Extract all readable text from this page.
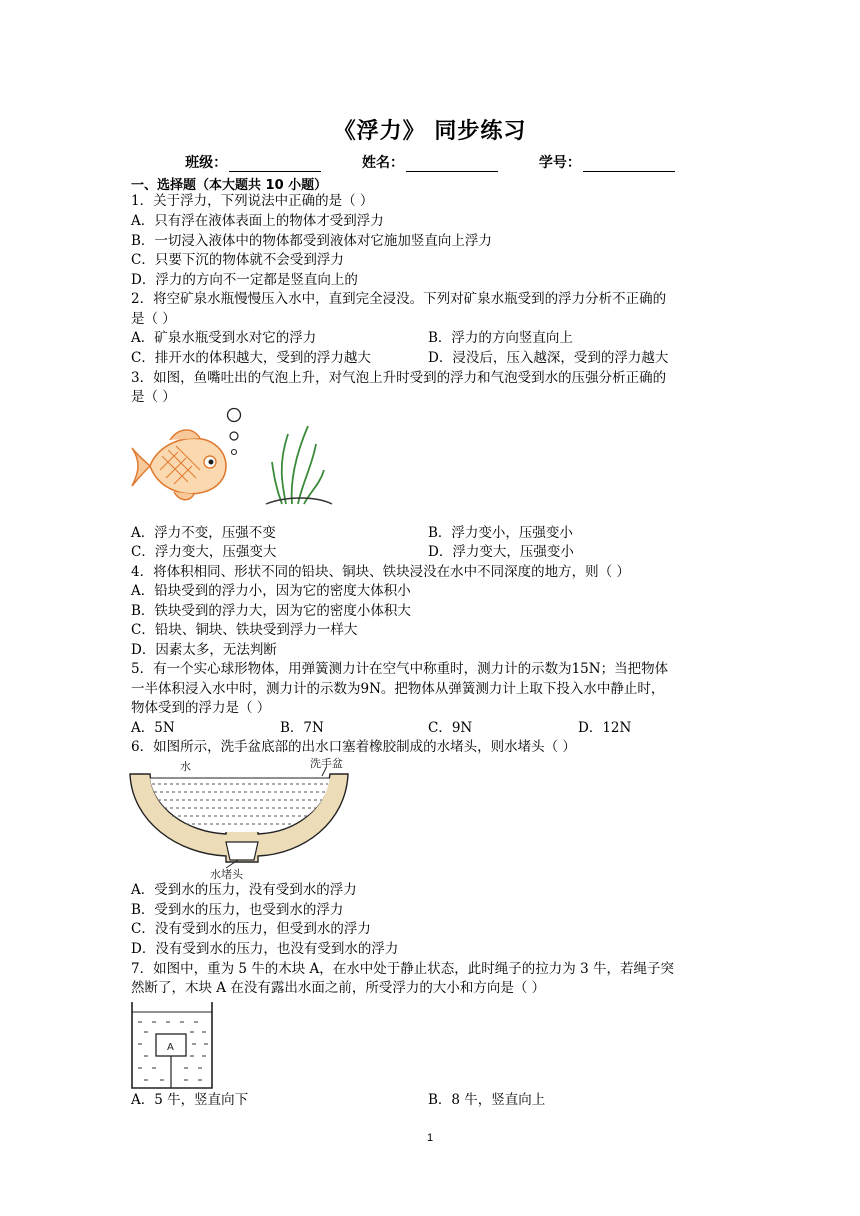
《浮力》 同步练习
班级：	姓名：	学号：
一、选择题（本大题共 10 小题）
1．关于浮力，下列说法中正确的是（ ）
A．只有浮在液体表面上的物体才受到浮力
B．一切浸入液体中的物体都受到液体对它施加竖直向上浮力
C．只要下沉的物体就不会受到浮力
D．浮力的方向不一定都是竖直向上的
2．将空矿泉水瓶慢慢压入水中，直到完全浸没。下列对矿泉水瓶受到的浮力分析不正确的
是（ ）
A．矿泉水瓶受到水对它的浮力	B．浮力的方向竖直向上
C．排开水的体积越大，受到的浮力越大	D．浸没后，压入越深，受到的浮力越大
3．如图，鱼嘴吐出的气泡上升，对气泡上升时受到的浮力和气泡受到水的压强分析正确的
是（ ）
A．浮力不变，压强不变	B．浮力变小，压强变小
C．浮力变大，压强变大	D．浮力变大，压强变小
4．将体积相同、形状不同的铅块、铜块、铁块浸没在水中不同深度的地方，则（ ）
A．铅块受到的浮力小，因为它的密度大体积小
B．铁块受到的浮力大，因为它的密度小体积大
C．铅块、铜块、铁块受到浮力一样大
D．因素太多，无法判断
5．有一个实心球形物体，用弹簧测力计在空气中称重时，测力计的示数为15N；当把物体
一半体积浸入水中时，测力计的示数为9N。把物体从弹簧测力计上取下投入水中静止时，
物体受到的浮力是（ ）
A．5N	B．7N	C．9N	D．12N
6．如图所示，洗手盆底部的出水口塞着橡胶制成的水堵头，则水堵头（ ）
水	洗手盆
水堵头
A．受到水的压力，没有受到水的浮力
B．受到水的压力，也受到水的浮力
C．没有受到水的压力，但受到水的浮力
D．没有受到水的压力，也没有受到水的浮力
7．如图中，重为 5 牛的木块 A，在水中处于静止状态，此时绳子的拉力为 3 牛，若绳子突
然断了，木块 A 在没有露出水面之前，所受浮力的大小和方向是（ ）
A
A．5 牛，竖直向下	B．8 牛，竖直向上
1
